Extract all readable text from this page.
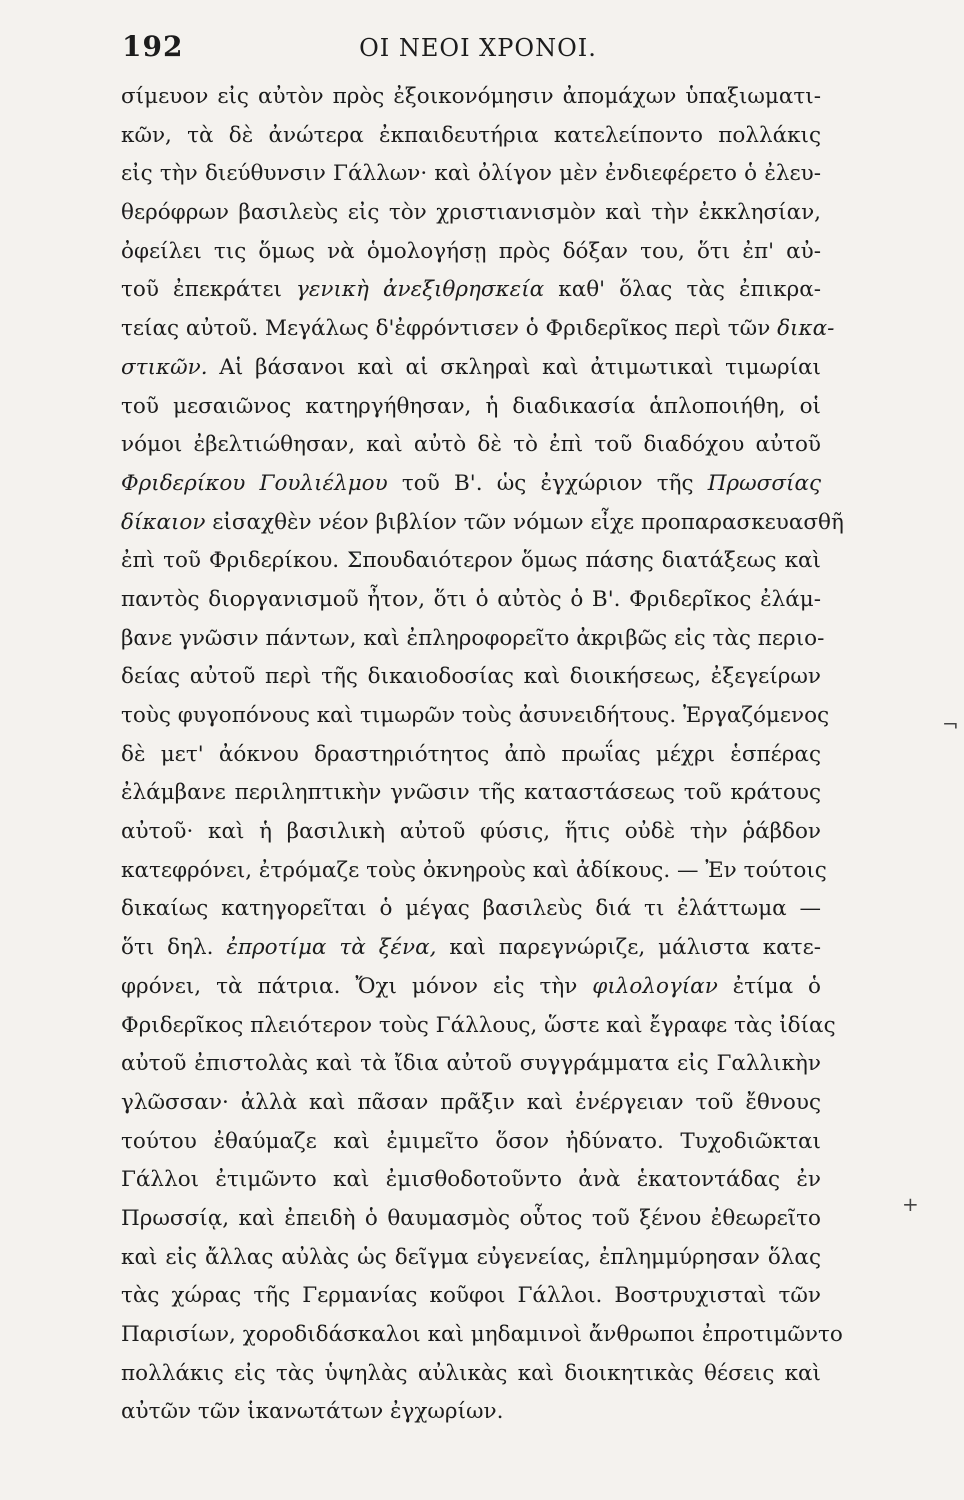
192	ΟΙ ΝΕΟΙ ΧΡΟΝΟΙ.
σίμευον εἰς αὐτὸν πρὸς ἐξοικονόμησιν ἀπομάχων ὑπαξιωματι-
κῶν, τὰ δὲ ἀνώτερα ἐκπαιδευτήρια κατελείποντο πολλάκις
εἰς τὴν διεύθυνσιν Γάλλων· καὶ ὀλίγον μὲν ἐνδιεφέρετο ὁ ἐλευ-
θερόφρων βασιλεὺς εἰς τὸν χριστιανισμὸν καὶ τὴν ἐκκλησίαν,
ὀφείλει τις ὅμως νὰ ὁμολογήσῃ πρὸς δόξαν του, ὅτι ἐπ' αὐ-
τοῦ ἐπεκράτει γενικὴ ἀνεξιθρησκεία καθ' ὅλας τὰς ἐπικρα-
τείας αὐτοῦ. Μεγάλως δ'ἐφρόντισεν ὁ Φριδερῖκος περὶ τῶν δικα-
στικῶν. Αἱ βάσανοι καὶ αἱ σκληραὶ καὶ ἀτιμωτικαὶ τιμωρίαι
τοῦ μεσαιῶνος κατηργήθησαν, ἡ διαδικασία ἁπλοποιήθη, οἱ
νόμοι ἐβελτιώθησαν, καὶ αὐτὸ δὲ τὸ ἐπὶ τοῦ διαδόχου αὐτοῦ
Φριδερίκου Γουλιέλμου τοῦ Β'. ὡς ἐγχώριον τῆς Πρωσσίας
δίκαιον εἰσαχθὲν νέον βιβλίον τῶν νόμων εἶχε προπαρασκευασθῆ
ἐπὶ τοῦ Φριδερίκου. Σπουδαιότερον ὅμως πάσης διατάξεως καὶ
παντὸς διοργανισμοῦ ἦτον, ὅτι ὁ αὐτὸς ὁ Β'. Φριδερῖκος ἐλάμ-
βανε γνῶσιν πάντων, καὶ ἐπληροφορεῖτο ἀκριβῶς εἰς τὰς περιο-
δείας αὐτοῦ περὶ τῆς δικαιοδοσίας καὶ διοικήσεως, ἐξεγείρων
τοὺς φυγοπόνους καὶ τιμωρῶν τοὺς ἀσυνειδήτους. Ἐργαζόμενος
δὲ μετ' ἀόκνου δραστηριότητος ἀπὸ πρωΐας μέχρι ἑσπέρας
ἐλάμβανε περιληπτικὴν γνῶσιν τῆς καταστάσεως τοῦ κράτους
αὐτοῦ· καὶ ἡ βασιλικὴ αὐτοῦ φύσις, ἥτις οὐδὲ τὴν ῥάβδον
κατεφρόνει, ἐτρόμαζε τοὺς ὀκνηροὺς καὶ ἀδίκους. — Ἐν τούτοις
δικαίως κατηγορεῖται ὁ μέγας βασιλεὺς διά τι ἐλάττωμα —
ὅτι δηλ. ἐπροτίμα τὰ ξένα, καὶ παρεγνώριζε, μάλιστα κατε-
φρόνει, τὰ πάτρια. Ὄχι μόνον εἰς τὴν φιλολογίαν ἐτίμα ὁ
Φριδερῖκος πλειότερον τοὺς Γάλλους, ὥστε καὶ ἔγραφε τὰς ἰδίας
αὐτοῦ ἐπιστολὰς καὶ τὰ ἴδια αὐτοῦ συγγράμματα εἰς Γαλλικὴν
γλῶσσαν· ἀλλὰ καὶ πᾶσαν πρᾶξιν καὶ ἐνέργειαν τοῦ ἔθνους
τούτου ἐθαύμαζε καὶ ἐμιμεῖτο ὅσον ἠδύνατο. Τυχοδιῶκται
Γάλλοι ἐτιμῶντο καὶ ἐμισθοδοτοῦντο ἀνὰ ἑκατοντάδας ἐν
Πρωσσίᾳ, καὶ ἐπειδὴ ὁ θαυμασμὸς οὗτος τοῦ ξένου ἐθεωρεῖτο
καὶ εἰς ἄλλας αὐλὰς ὡς δεῖγμα εὐγενείας, ἐπλημμύρησαν ὅλας
τὰς χώρας τῆς Γερμανίας κοῦφοι Γάλλοι. Βοστρυχισταὶ τῶν
Παρισίων, χοροδιδάσκαλοι καὶ μηδαμινοὶ ἄνθρωποι ἐπροτιμῶντο
πολλάκις εἰς τὰς ὑψηλὰς αὐλικὰς καὶ διοικητικὰς θέσεις καὶ
αὐτῶν τῶν ἱκανωτάτων ἐγχωρίων.
¬
+
